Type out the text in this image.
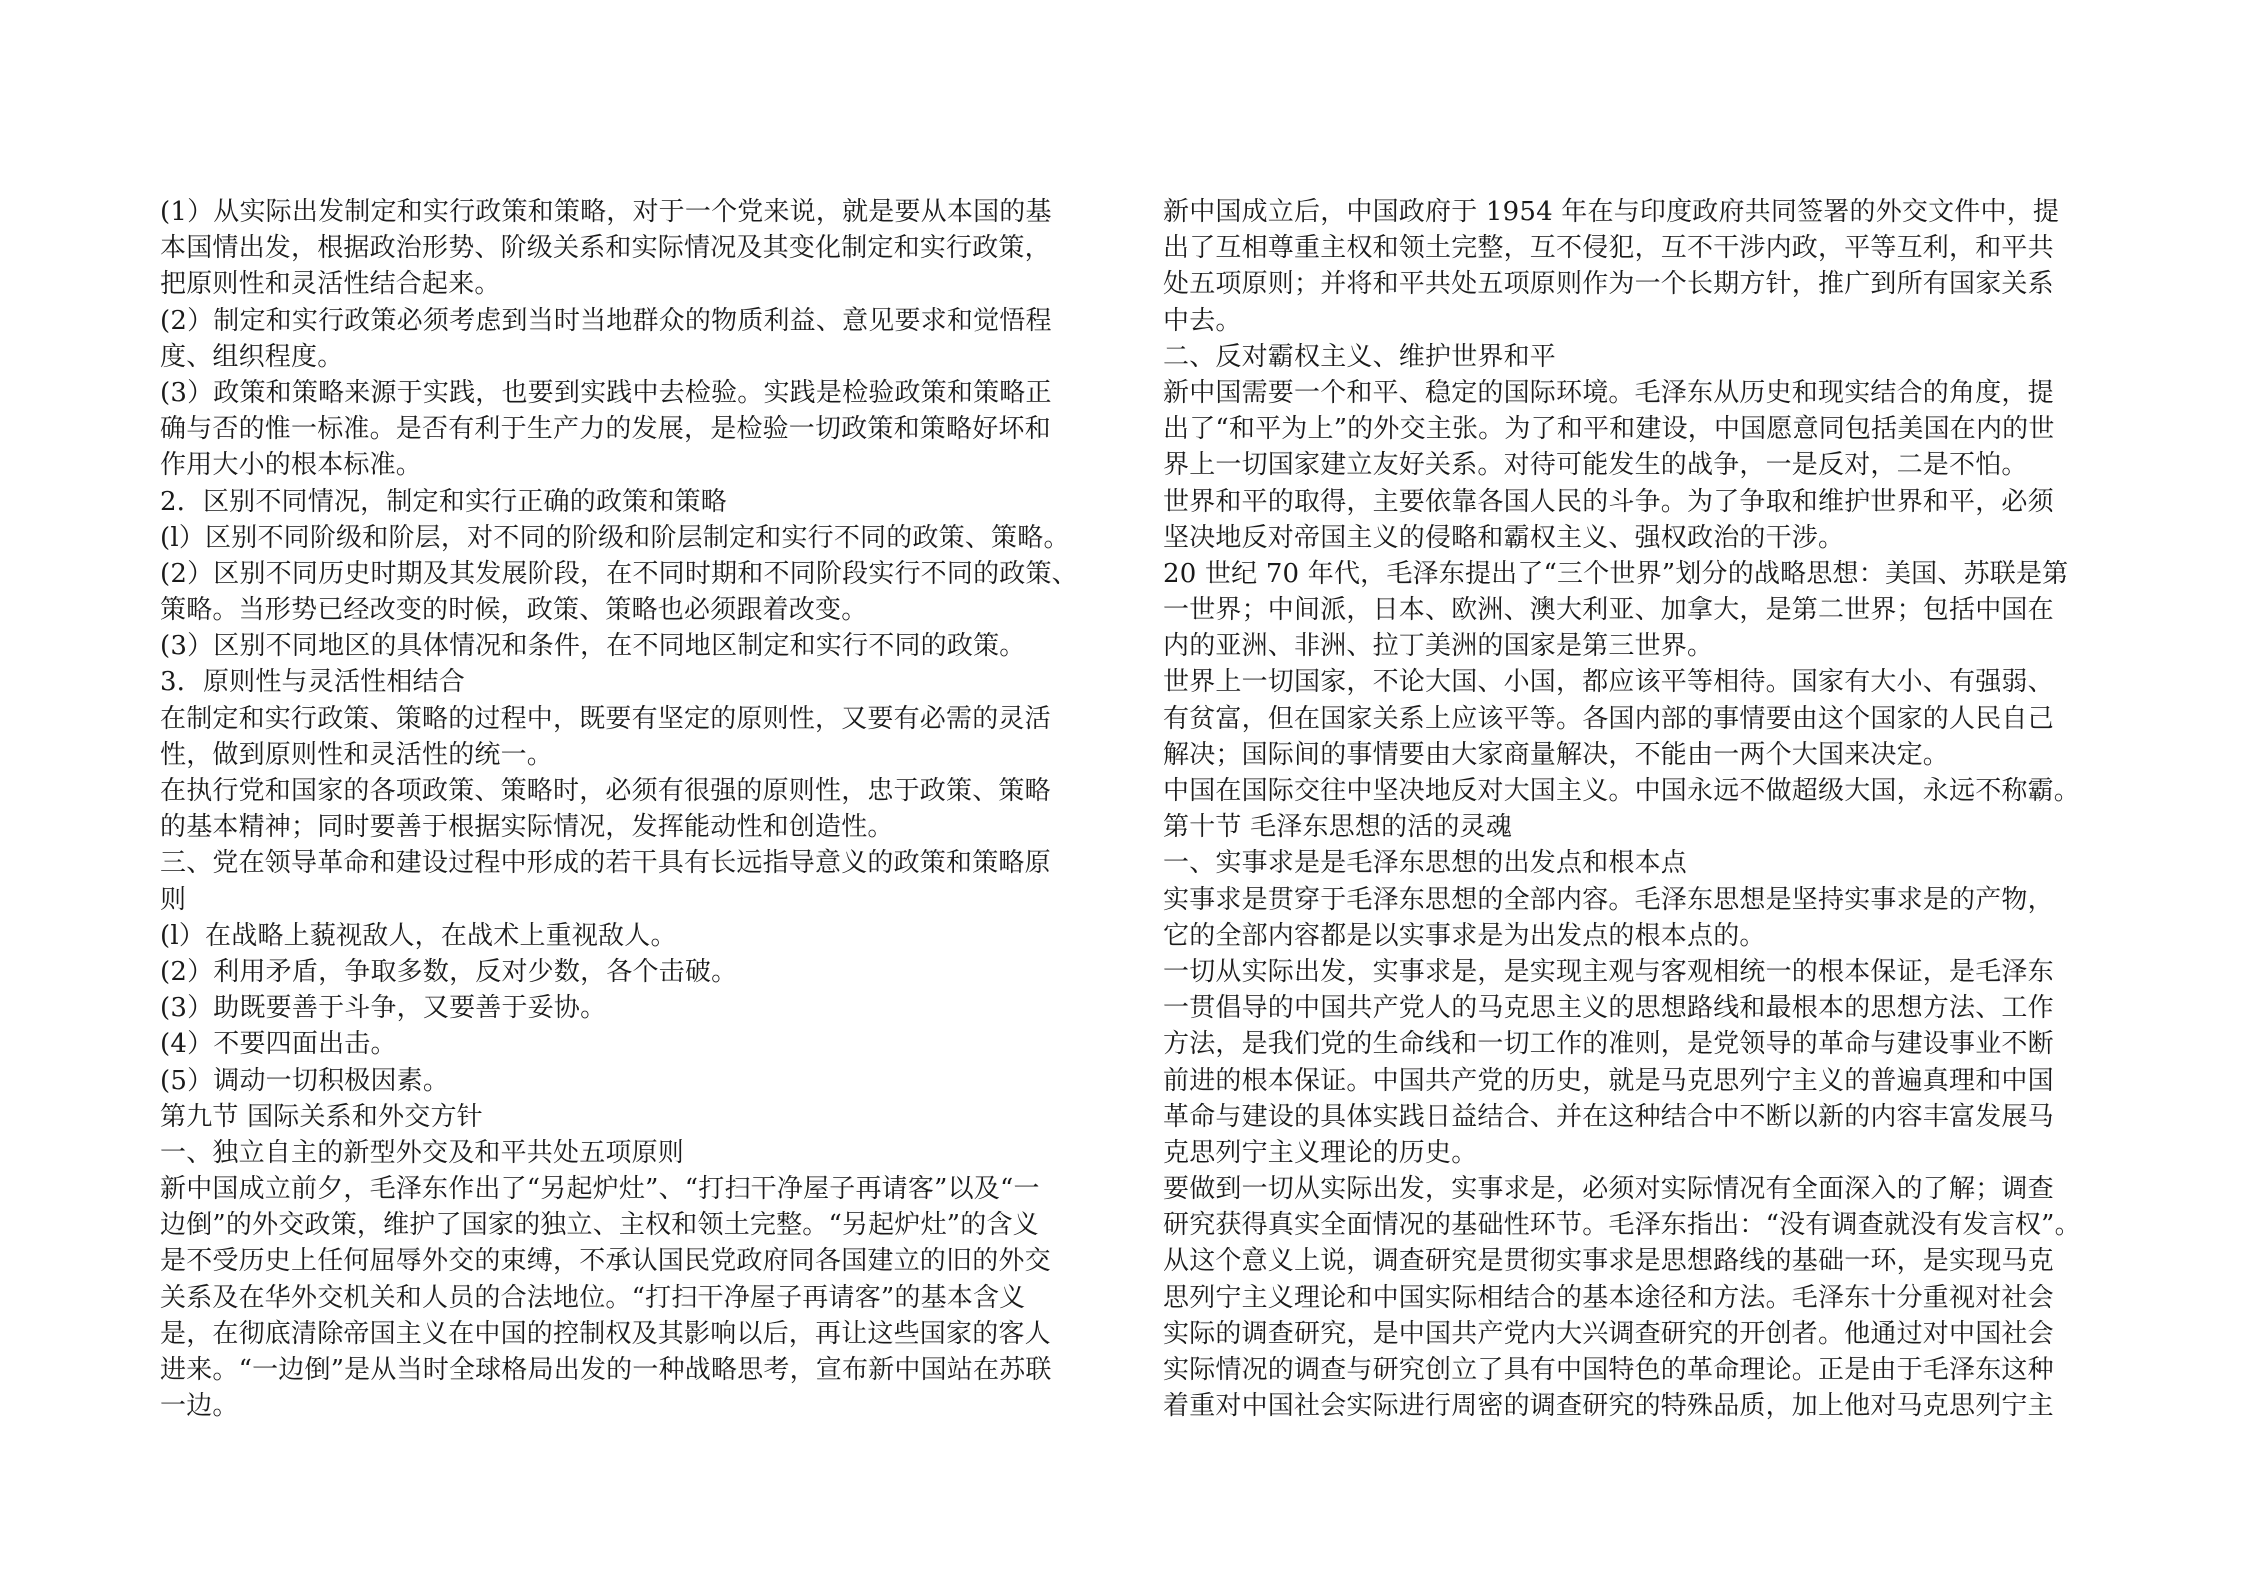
(1）从实际出发制定和实行政策和策略，对于一个党来说，就是要从本国的基
本国情出发，根据政治形势、阶级关系和实际情况及其变化制定和实行政策，
把原则性和灵活性结合起来。
(2）制定和实行政策必须考虑到当时当地群众的物质利益、意见要求和觉悟程
度、组织程度。
(3）政策和策略来源于实践，也要到实践中去检验。实践是检验政策和策略正
确与否的惟一标准。是否有利于生产力的发展，是检验一切政策和策略好坏和
作用大小的根本标准。
2．区别不同情况，制定和实行正确的政策和策略
(l）区别不同阶级和阶层，对不同的阶级和阶层制定和实行不同的政策、策略。
(2）区别不同历史时期及其发展阶段，在不同时期和不同阶段实行不同的政策、
策略。当形势已经改变的时候，政策、策略也必须跟着改变。
(3）区别不同地区的具体情况和条件，在不同地区制定和实行不同的政策。
3．原则性与灵活性相结合
在制定和实行政策、策略的过程中，既要有坚定的原则性，又要有必需的灵活
性，做到原则性和灵活性的统一。
在执行党和国家的各项政策、策略时，必须有很强的原则性，忠于政策、策略
的基本精神；同时要善于根据实际情况，发挥能动性和创造性。
三、党在领导革命和建设过程中形成的若干具有长远指导意义的政策和策略原
则
(l）在战略上藐视敌人，在战术上重视敌人。
(2）利用矛盾，争取多数，反对少数，各个击破。
(3）助既要善于斗争，又要善于妥协。
(4）不要四面出击。
(5）调动一切积极因素。
第九节 国际关系和外交方针
一、独立自主的新型外交及和平共处五项原则
新中国成立前夕，毛泽东作出了“另起炉灶”、“打扫干净屋子再请客”以及“一
边倒”的外交政策，维护了国家的独立、主权和领土完整。“另起炉灶”的含义
是不受历史上任何屈辱外交的束缚，不承认国民党政府同各国建立的旧的外交
关系及在华外交机关和人员的合法地位。“打扫干净屋子再请客”的基本含义
是，在彻底清除帝国主义在中国的控制权及其影响以后，再让这些国家的客人
进来。“一边倒”是从当时全球格局出发的一种战略思考，宣布新中国站在苏联
一边。
新中国成立后，中国政府于 1954 年在与印度政府共同签署的外交文件中，提
出了互相尊重主权和领土完整，互不侵犯，互不干涉内政，平等互利，和平共
处五项原则；并将和平共处五项原则作为一个长期方针，推广到所有国家关系
中去。
二、反对霸权主义、维护世界和平
新中国需要一个和平、稳定的国际环境。毛泽东从历史和现实结合的角度，提
出了“和平为上”的外交主张。为了和平和建设，中国愿意同包括美国在内的世
界上一切国家建立友好关系。对待可能发生的战争，一是反对，二是不怕。
世界和平的取得，主要依靠各国人民的斗争。为了争取和维护世界和平，必须
坚决地反对帝国主义的侵略和霸权主义、强权政治的干涉。
20 世纪 70 年代，毛泽东提出了“三个世界”划分的战略思想：美国、苏联是第
一世界；中间派，日本、欧洲、澳大利亚、加拿大，是第二世界；包括中国在
内的亚洲、非洲、拉丁美洲的国家是第三世界。
世界上一切国家，不论大国、小国，都应该平等相待。国家有大小、有强弱、
有贫富，但在国家关系上应该平等。各国内部的事情要由这个国家的人民自己
解决；国际间的事情要由大家商量解决，不能由一两个大国来决定。
中国在国际交往中坚决地反对大国主义。中国永远不做超级大国，永远不称霸。
第十节 毛泽东思想的活的灵魂
一、实事求是是毛泽东思想的出发点和根本点
实事求是贯穿于毛泽东思想的全部内容。毛泽东思想是坚持实事求是的产物，
它的全部内容都是以实事求是为出发点的根本点的。
一切从实际出发，实事求是，是实现主观与客观相统一的根本保证，是毛泽东
一贯倡导的中国共产党人的马克思主义的思想路线和最根本的思想方法、工作
方法，是我们党的生命线和一切工作的准则，是党领导的革命与建设事业不断
前进的根本保证。中国共产党的历史，就是马克思列宁主义的普遍真理和中国
革命与建设的具体实践日益结合、并在这种结合中不断以新的内容丰富发展马
克思列宁主义理论的历史。
要做到一切从实际出发，实事求是，必须对实际情况有全面深入的了解；调查
研究获得真实全面情况的基础性环节。毛泽东指出：“没有调查就没有发言权”。
从这个意义上说，调查研究是贯彻实事求是思想路线的基础一环，是实现马克
思列宁主义理论和中国实际相结合的基本途径和方法。毛泽东十分重视对社会
实际的调查研究，是中国共产党内大兴调查研究的开创者。他通过对中国社会
实际情况的调查与研究创立了具有中国特色的革命理论。正是由于毛泽东这种
着重对中国社会实际进行周密的调查研究的特殊品质，加上他对马克思列宁主
